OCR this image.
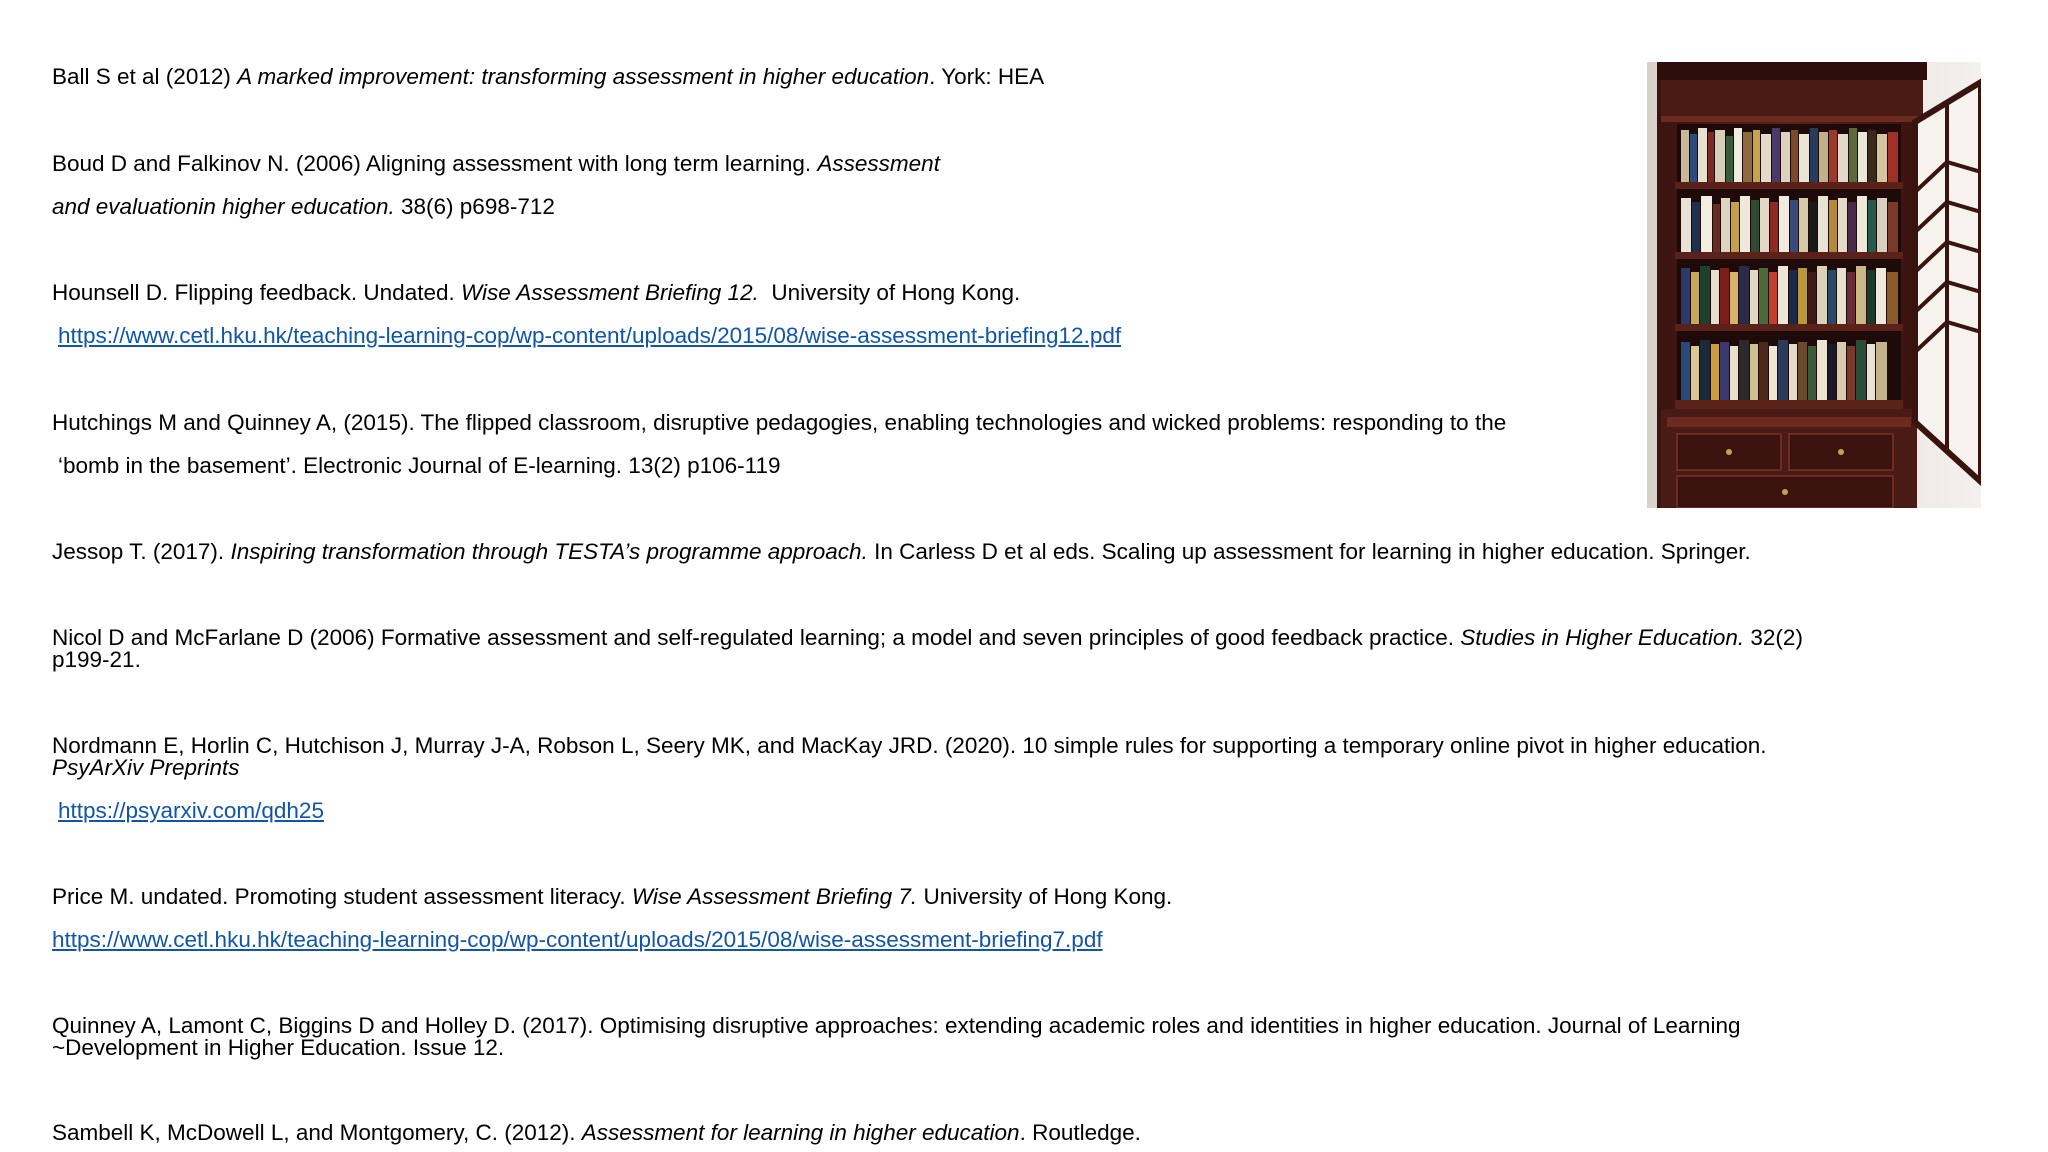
Ball S et al (2012) A marked improvement: transforming assessment in higher education. York: HEA
Boud D and Falkinov N. (2006) Aligning assessment with long term learning. Assessment
and evaluationin higher education. 38(6) p698-712
Hounsell D. Flipping feedback. Undated. Wise Assessment Briefing 12.  University of Hong Kong.
https://www.cetl.hku.hk/teaching-learning-cop/wp-content/uploads/2015/08/wise-assessment-briefing12.pdf
Hutchings M and Quinney A, (2015). The flipped classroom, disruptive pedagogies, enabling technologies and wicked problems: responding to the
‘bomb in the basement’. Electronic Journal of E-learning. 13(2) p106-119
Jessop T. (2017). Inspiring transformation through TESTA’s programme approach. In Carless D et al eds. Scaling up assessment for learning in higher education. Springer.
Nicol D and McFarlane D (2006) Formative assessment and self-regulated learning; a model and seven principles of good feedback practice. Studies in Higher Education. 32(2)
p199-21.
Nordmann E, Horlin C, Hutchison J, Murray J-A, Robson L, Seery MK, and MacKay JRD. (2020). 10 simple rules for supporting a temporary online pivot in higher education.
PsyArXiv Preprints
https://psyarxiv.com/qdh25
Price M. undated. Promoting student assessment literacy. Wise Assessment Briefing 7. University of Hong Kong.
https://www.cetl.hku.hk/teaching-learning-cop/wp-content/uploads/2015/08/wise-assessment-briefing7.pdf
Quinney A, Lamont C, Biggins D and Holley D. (2017). Optimising disruptive approaches: extending academic roles and identities in higher education. Journal of Learning
~Development in Higher Education. Issue 12.
Sambell K, McDowell L, and Montgomery, C. (2012). Assessment for learning in higher education. Routledge.
